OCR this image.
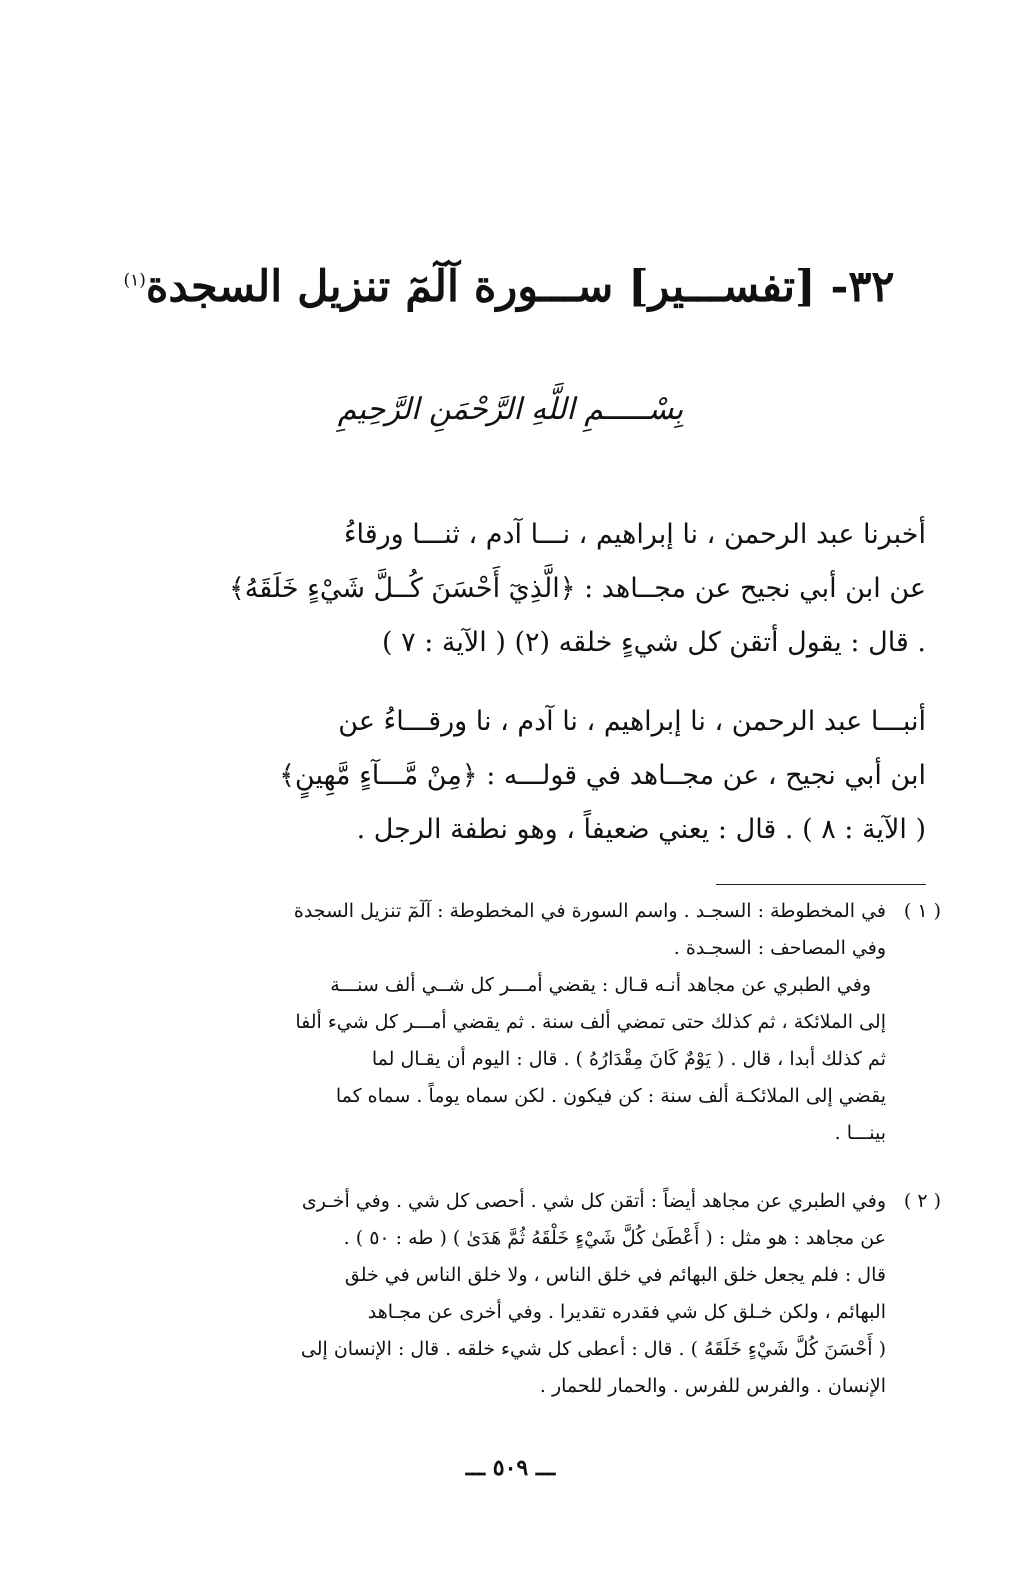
٣٢- [تفســـير] ســـورة آلٓمٓ تنزيل السجدة$^{(١)}$
بِسْـــــمِ اللَّهِ الرَّحْمَنِ الرَّحِيمِ
أخبرنا عبد الرحمن ، نا إبراهيم ، نـــا آدم ، ثنـــا ورقاءُ
عن ابن أبي نجيح عن مجــاهد : ﴿الَّذِيٓ أَحْسَنَ كُــلَّ شَيْءٍ خَلَقَهُ﴾
. قال : يقول أتقن كل شيءٍ خلقه (٢) ( الآية : ٧ )
أنبـــا عبد الرحمن ، نا إبراهيم ، نا آدم ، نا ورقـــاءُ عن
ابن أبي نجيح ، عن مجــاهد في قولـــه : ﴿مِنْ مَّـــآءٍ مَّهِينٍ﴾
( الآية : ٨ ) . قال : يعني ضعيفاً ، وهو نطفة الرجل .
( ١ )في المخطوطة : السجـد . واسم السورة في المخطوطة : آلٓمٓ تنزيل السجدة
وفي المصاحف : السجـدة .
وفي الطبري عن مجاهد أنـه قـال : يقضي أمـــر كل شــي ألف سنـــة
إلى الملائكة ، ثم كذلك حتى تمضي ألف سنة . ثم يقضي أمـــر كل شيء ألفا
ثم كذلك أبدا ، قال . ( يَوْمٌ كَانَ مِقْدَارُهُ ) . قال : اليوم أن يقـال لما
يقضي إلى الملائكـة ألف سنة : كن فيكون . لكن سماه يوماً . سماه كما
بينـــا .
( ٢ )وفي الطبري عن مجاهد أيضاً : أتقن كل شي . أحصى كل شي . وفي أخـرى
عن مجاهد : هو مثل : ( أَعْطَىٰ كُلَّ شَيْءٍ خَلْقَهُ ثُمَّ هَدَىٰ ) ( طه : ٥٠ ) .
قال : فلم يجعل خلق البهائم في خلق الناس ، ولا خلق الناس في خلق
البهائم ، ولكن خـلق كل شي فقدره تقديرا . وفي أخرى عن مجـاهد
( أَحْسَنَ كُلَّ شَيْءٍ خَلَقَهُ ) . قال : أعطى كل شيء خلقه . قال : الإنسان إلى
الإنسان . والفرس للفرس . والحمار للحمار .
ـــ ٥٠٩ ـــ
